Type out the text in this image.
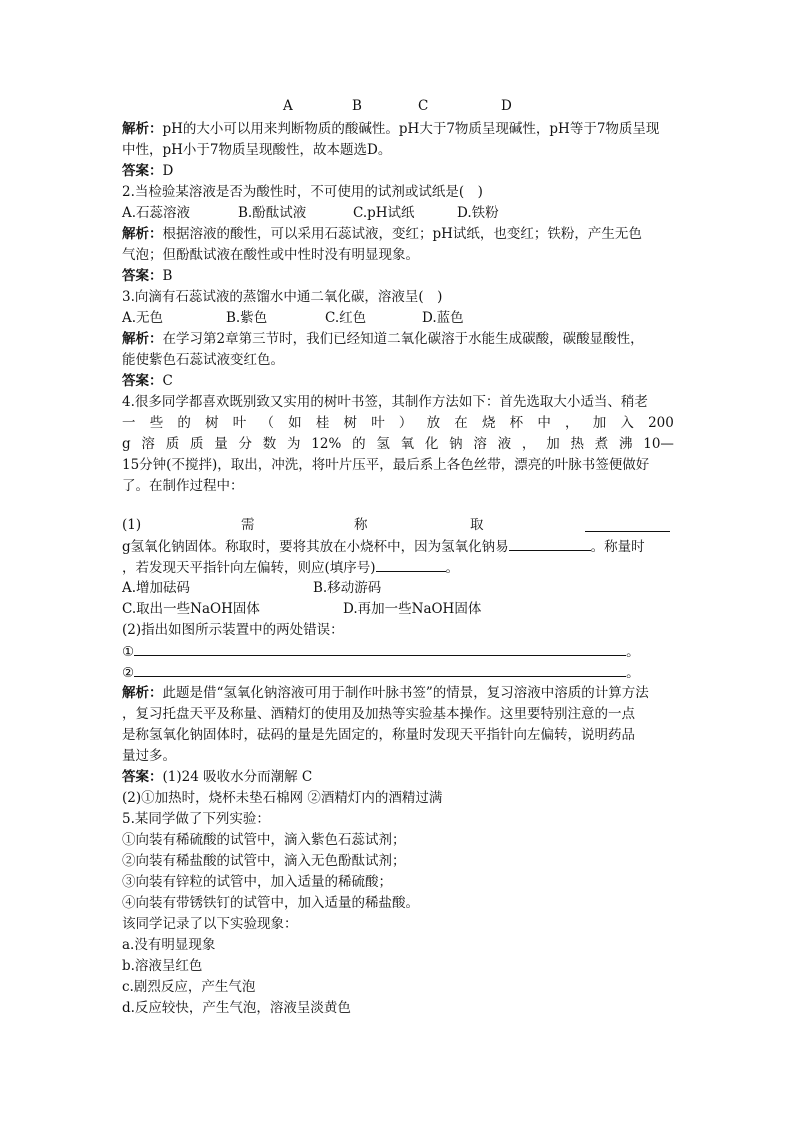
A	B	C	D
解析：pH的大小可以用来判断物质的酸碱性。pH大于7物质呈现碱性，pH等于7物质呈现
中性，pH小于7物质呈现酸性，故本题选D。
答案：D
2.当检验某溶液是否为酸性时，不可使用的试剂或试纸是(　)
A.石蕊溶液	B.酚酞试液	C.pH试纸	D.铁粉
解析：根据溶液的酸性，可以采用石蕊试液，变红；pH试纸，也变红；铁粉，产生无色
气泡；但酚酞试液在酸性或中性时没有明显现象。
答案：B
3.向滴有石蕊试液的蒸馏水中通二氧化碳，溶液呈(　)
A.无色	B.紫色	C.红色	D.蓝色
解析：在学习第2章第三节时，我们已经知道二氧化碳溶于水能生成碳酸，碳酸显酸性，
能使紫色石蕊试液变红色。
答案：C
4.很多同学都喜欢既别致又实用的树叶书签，其制作方法如下：首先选取大小适当、稍老
一 些 的 树 叶 （ 如 桂 树 叶 ） 放 在 烧 杯 中 ， 加 入 200
g 溶 质 质 量 分 数 为 12% 的 氢 氧 化 钠 溶 液 ， 加 热 煮 沸 10—
15分钟(不搅拌)，取出，冲洗，将叶片压平，最后系上各色丝带，漂亮的叶脉书签便做好
了。在制作过程中：
(1)	需	称	取
g氢氧化钠固体。称取时，要将其放在小烧杯中，因为氢氧化钠易	。称量时
，若发现天平指针向左偏转，则应(填序号)	。
A.增加砝码	B.移动游码
C.取出一些NaOH固体	D.再加一些NaOH固体
(2)指出如图所示装置中的两处错误：
①	。
②	。
解析：此题是借“氢氧化钠溶液可用于制作叶脉书签”的情景，复习溶液中溶质的计算方法
，复习托盘天平及称量、酒精灯的使用及加热等实验基本操作。这里要特别注意的一点
是称氢氧化钠固体时，砝码的量是先固定的，称量时发现天平指针向左偏转，说明药品
量过多。
答案：(1)24 吸收水分而潮解 C
(2)①加热时，烧杯未垫石棉网 ②酒精灯内的酒精过满
5.某同学做了下列实验：
①向装有稀硫酸的试管中，滴入紫色石蕊试剂；
②向装有稀盐酸的试管中，滴入无色酚酞试剂；
③向装有锌粒的试管中，加入适量的稀硫酸；
④向装有带锈铁钉的试管中，加入适量的稀盐酸。
该同学记录了以下实验现象：
a.没有明显现象
b.溶液呈红色
c.剧烈反应，产生气泡
d.反应较快，产生气泡，溶液呈淡黄色
